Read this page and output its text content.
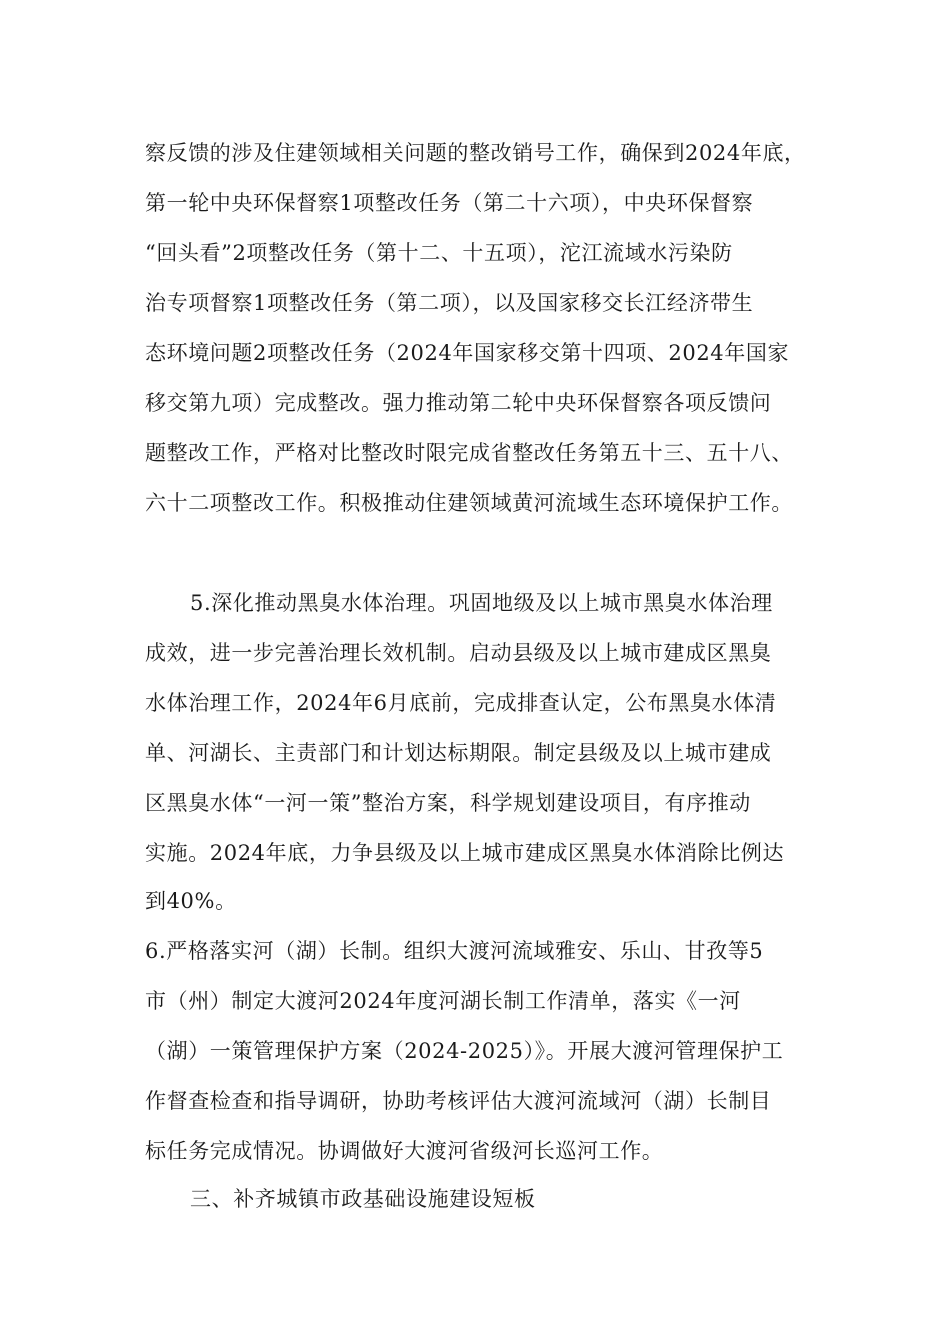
察反馈的涉及住建领域相关问题的整改销号工作，确保到2024年底，
第一轮中央环保督察1项整改任务（第二十六项），中央环保督察
“回头看”2项整改任务（第十二、十五项），沱江流域水污染防
治专项督察1项整改任务（第二项），以及国家移交长江经济带生
态环境问题2项整改任务（2024年国家移交第十四项、2024年国家
移交第九项）完成整改。强力推动第二轮中央环保督察各项反馈问
题整改工作，严格对比整改时限完成省整改任务第五十三、五十八、
六十二项整改工作。积极推动住建领域黄河流域生态环境保护工作。
5.深化推动黑臭水体治理。巩固地级及以上城市黑臭水体治理
成效，进一步完善治理长效机制。启动县级及以上城市建成区黑臭
水体治理工作，2024年6月底前，完成排查认定，公布黑臭水体清
单、河湖长、主责部门和计划达标期限。制定县级及以上城市建成
区黑臭水体“一河一策”整治方案，科学规划建设项目，有序推动
实施。2024年底，力争县级及以上城市建成区黑臭水体消除比例达
到40%。
6.严格落实河（湖）长制。组织大渡河流域雅安、乐山、甘孜等5
市（州）制定大渡河2024年度河湖长制工作清单，落实《一河
（湖）一策管理保护方案（2024-2025）》。开展大渡河管理保护工
作督查检查和指导调研，协助考核评估大渡河流域河（湖）长制目
标任务完成情况。协调做好大渡河省级河长巡河工作。
三、补齐城镇市政基础设施建设短板
